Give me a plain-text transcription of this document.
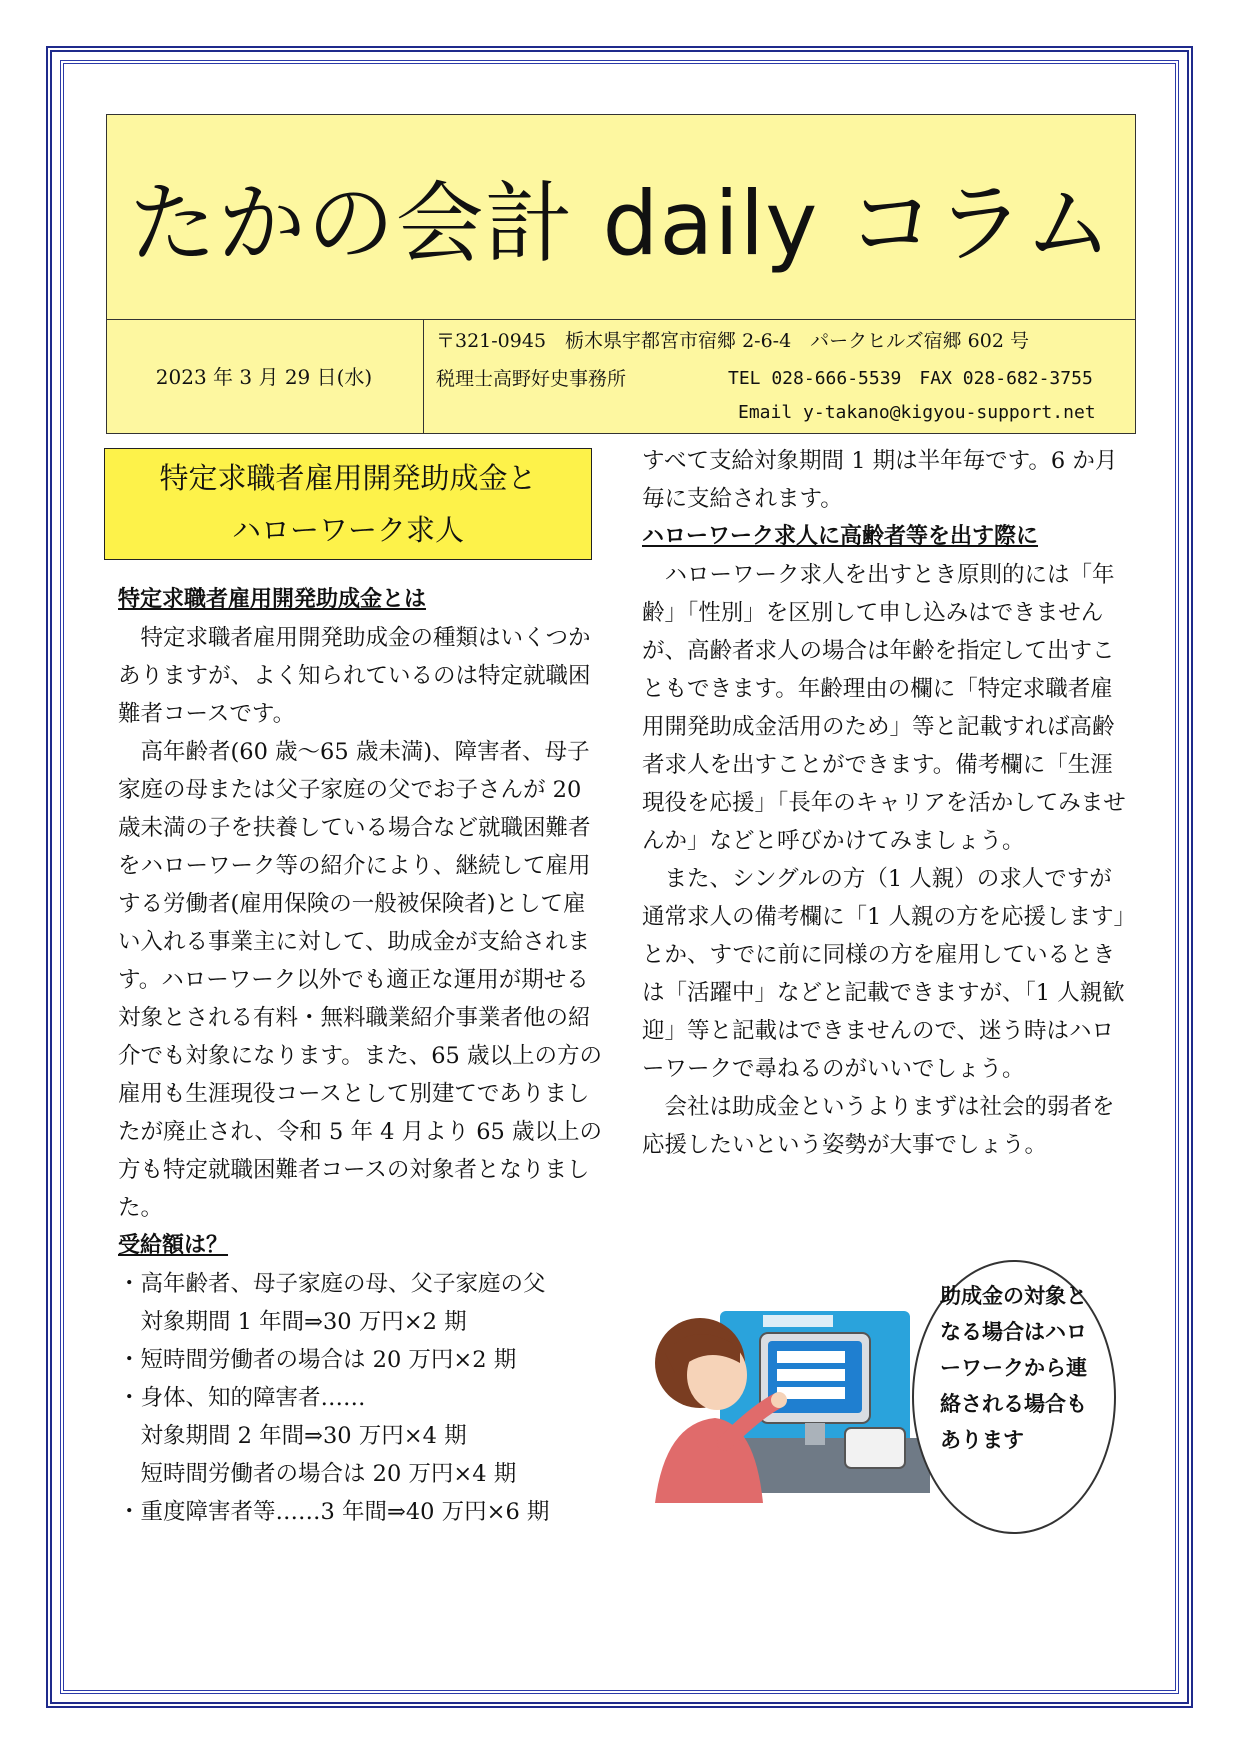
たかの会計 daily コラム
2023 年 3 月 29 日(水)
〒321-0945　栃木県宇都宮市宿郷 2-6-4　パークヒルズ宿郷 602 号
税理士高野好史事務所	TEL 028-666-5539　FAX 028-682-3755
Email y-takano@kigyou-support.net
特定求職者雇用開発助成金と
ハローワーク求人

特定求職者雇用開発助成金とは

特定求職者雇用開発助成金の種類はいくつかありますが、よく知られているのは特定就職困難者コースです。

高年齢者(60 歳～65 歳未満)、障害者、母子家庭の母または父子家庭の父でお子さんが 20 歳未満の子を扶養している場合など就職困難者をハローワーク等の紹介により、継続して雇用する労働者(雇用保険の一般被保険者)として雇い入れる事業主に対して、助成金が支給されます。ハローワーク以外でも適正な運用が期せる対象とされる有料・無料職業紹介事業者他の紹介でも対象になります。また、65 歳以上の方の雇用も生涯現役コースとして別建てでありましたが廃止され、令和 5 年 4 月より 65 歳以上の方も特定就職困難者コースの対象者となりました。

受給額は？

・高年齢者、母子家庭の母、父子家庭の父

対象期間 1 年間⇒30 万円×2 期

・短時間労働者の場合は 20 万円×2 期

・身体、知的障害者……

対象期間 2 年間⇒30 万円×4 期

短時間労働者の場合は 20 万円×4 期

・重度障害者等……3 年間⇒40 万円×6 期

すべて支給対象期間 1 期は半年毎です。6 か月毎に支給されます。

ハローワーク求人に高齢者等を出す際に

ハローワーク求人を出すとき原則的には「年齢」「性別」を区別して申し込みはできませんが、高齢者求人の場合は年齢を指定して出すこともできます。年齢理由の欄に「特定求職者雇用開発助成金活用のため」等と記載すれば高齢者求人を出すことができます。備考欄に「生涯現役を応援」「長年のキャリアを活かしてみませんか」などと呼びかけてみましょう。

また、シングルの方（1 人親）の求人ですが通常求人の備考欄に「1 人親の方を応援します」とか、すでに前に同様の方を雇用しているときは「活躍中」などと記載できますが、「1 人親歓迎」等と記載はできませんので、迷う時はハローワークで尋ねるのがいいでしょう。

会社は助成金というよりまずは社会的弱者を応援したいという姿勢が大事でしょう。

助成金の対象となる場合はハローワークから連絡される場合もあります
